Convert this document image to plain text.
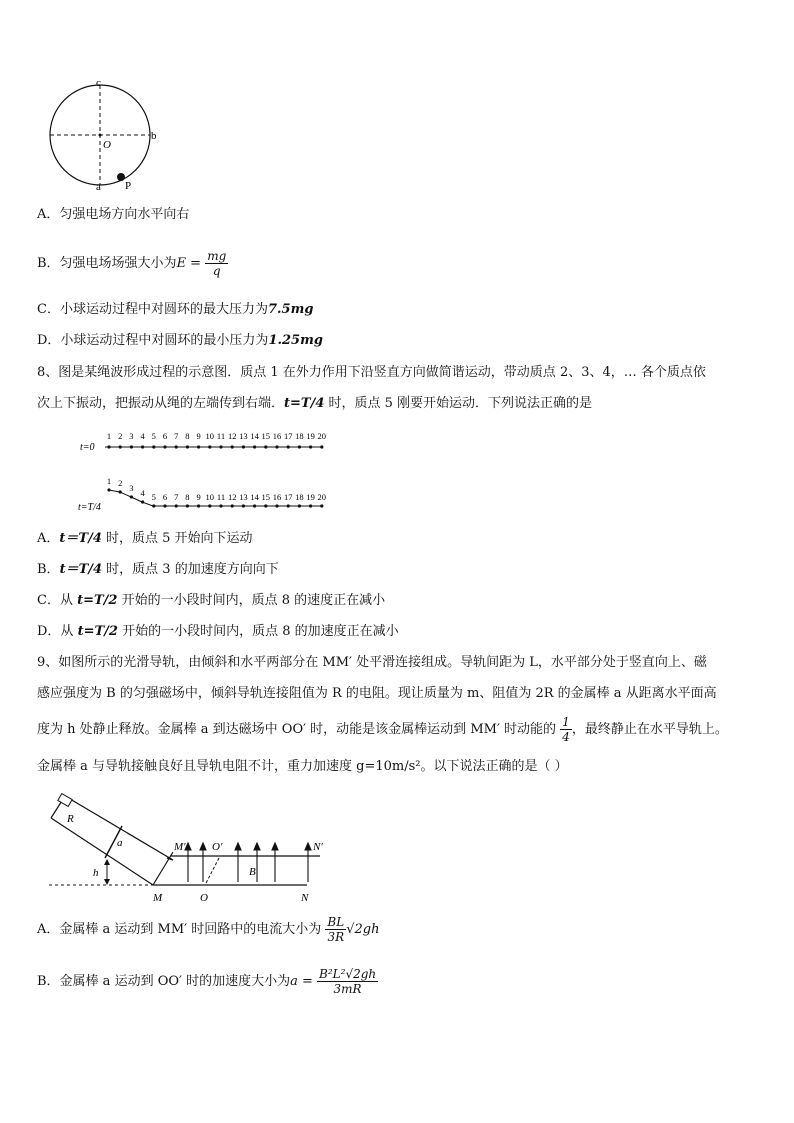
c
b
O
a P
A．匀强电场方向水平向右
B．匀强电场场强大小为$E = \frac{mg}{q}$
C．小球运动过程中对圆环的最大压力为7.5mg
D．小球运动过程中对圆环的最小压力为1.25mg
8、图是某绳波形成过程的示意图．质点 1 在外力作用下沿竖直方向做简谐运动，带动质点 2、3、4，… 各个质点依
次上下振动，把振动从绳的左端传到右端．t=T/4 时，质点 5 刚要开始运动．下列说法正确的是
t=0
t=T/4
1 2 3 4 5 6 7 8 9 10 11 12 13 14 15 16 17 18 19 20
1 2 3 4 5 6 7 8 9 10 11 12 13 14 15 16 17 18 19 20
A．t＝T/4 时，质点 5 开始向下运动
B．t＝T/4 时，质点 3 的加速度方向向下
C．从 t=T/2 开始的一小段时间内，质点 8 的速度正在减小
D．从 t=T/2 开始的一小段时间内，质点 8 的加速度正在减小
9、如图所示的光滑导轨，由倾斜和水平两部分在 MM′ 处平滑连接组成。导轨间距为 L，水平部分处于竖直向上、磁
感应强度为 B 的匀强磁场中，倾斜导轨连接阻值为 R 的电阻。现让质量为 m、阻值为 2R 的金属棒 a 从距离水平面高
度为 h 处静止释放。金属棒 a 到达磁场中 OO′ 时，动能是该金属棒运动到 MM′ 时动能的 $\frac{1}{4}$ ，最终静止在水平导轨上。
金属棒 a 与导轨接触良好且导轨电阻不计，重力加速度 g=10m/s²。以下说法正确的是（ ）
R
a
h
M′ O′	N′
B
M	O	N
A．金属棒 a 运动到 MM′ 时回路中的电流大小为 $\frac{BL}{3R} √2gh$
B．金属棒 a 运动到 OO′ 时的加速度大小为$a = \frac{\text{B²L²√2gh}}{3mR}$
